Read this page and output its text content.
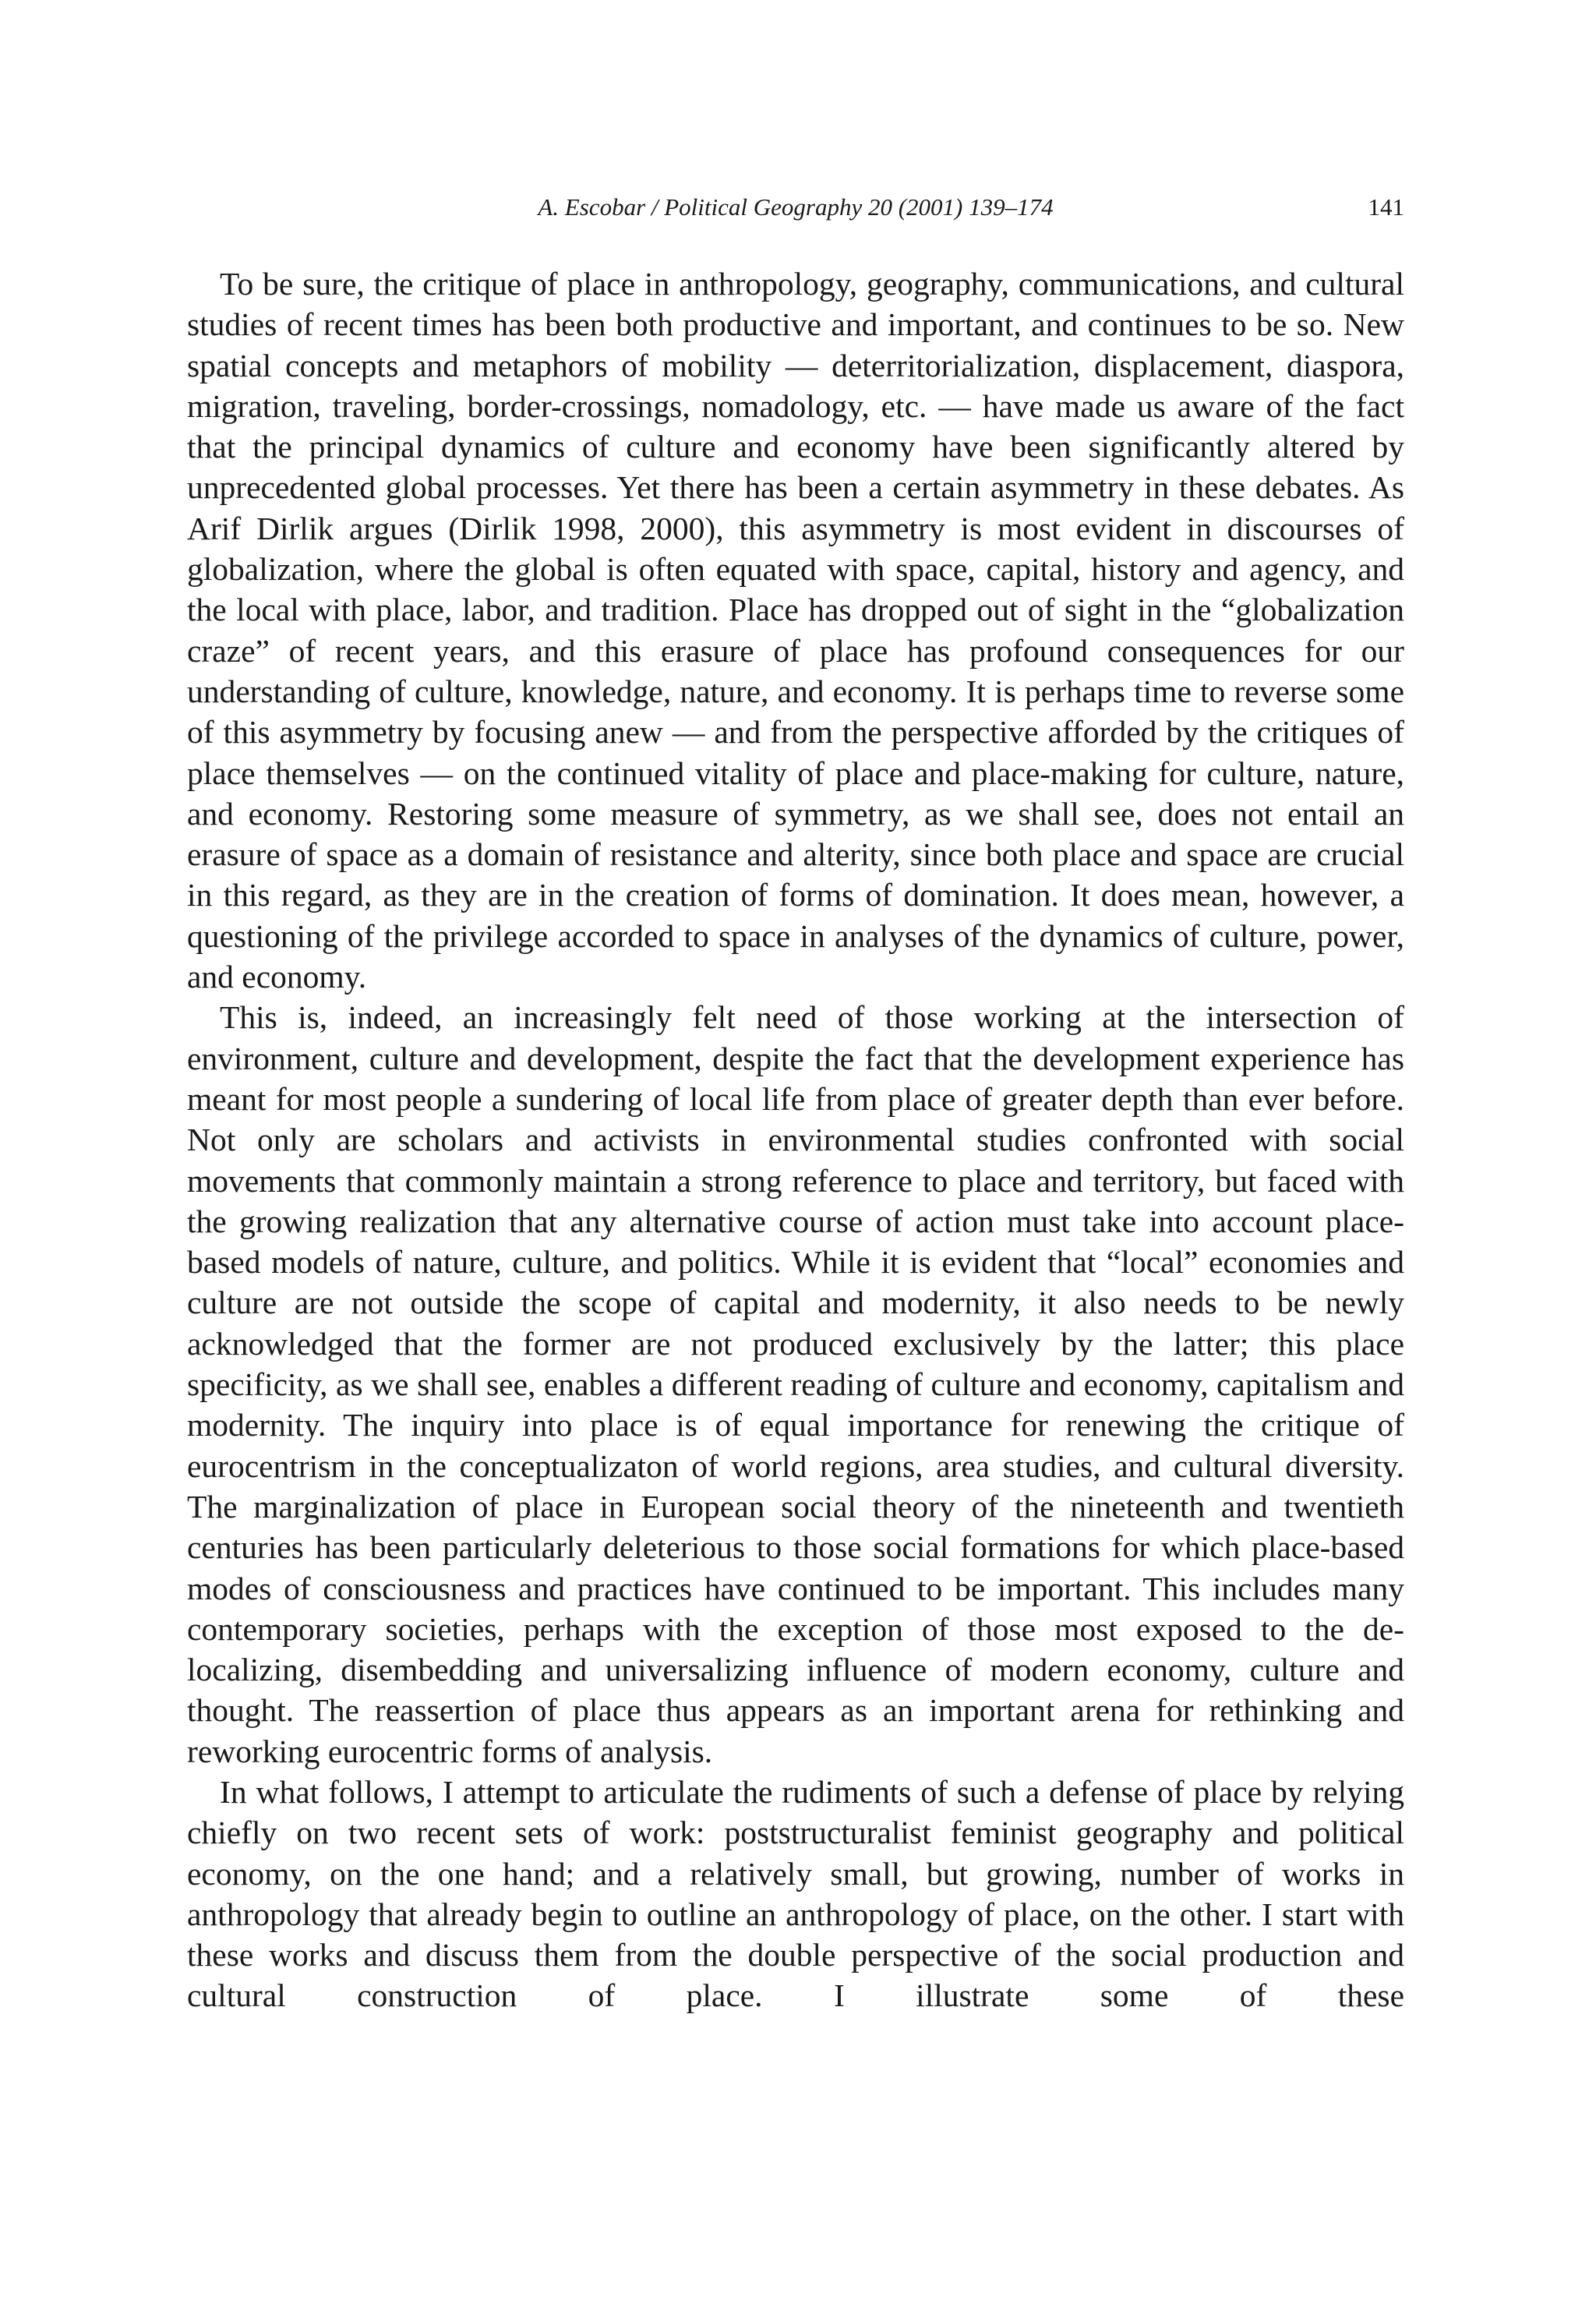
A. Escobar / Political Geography 20 (2001) 139–174	141

To be sure, the critique of place in anthropology, geography, communications, and cultural studies of recent times has been both productive and important, and continues to be so. New spatial concepts and metaphors of mobility — deterritorialization, displacement, diaspora, migration, traveling, border-crossings, nomadology, etc. — have made us aware of the fact that the principal dynamics of culture and economy have been significantly altered by unprecedented global processes. Yet there has been a certain asymmetry in these debates. As Arif Dirlik argues (Dirlik 1998, 2000), this asymmetry is most evident in discourses of globalization, where the global is often equated with space, capital, history and agency, and the local with place, labor, and tradition. Place has dropped out of sight in the “globalization craze” of recent years, and this erasure of place has profound consequences for our understanding of culture, knowledge, nature, and economy. It is perhaps time to reverse some of this asymmetry by focusing anew — and from the perspective afforded by the critiques of place themselves — on the continued vitality of place and place-making for culture, nature, and economy. Restoring some measure of symmetry, as we shall see, does not entail an erasure of space as a domain of resistance and alterity, since both place and space are crucial in this regard, as they are in the creation of forms of domination. It does mean, however, a questioning of the privilege accorded to space in analyses of the dynamics of culture, power, and economy.

This is, indeed, an increasingly felt need of those working at the intersection of environment, culture and development, despite the fact that the development experience has meant for most people a sundering of local life from place of greater depth than ever before. Not only are scholars and activists in environmental studies confronted with social movements that commonly maintain a strong reference to place and territory, but faced with the growing realization that any alternative course of action must take into account place-based models of nature, culture, and politics. While it is evident that “local” economies and culture are not outside the scope of capital and modernity, it also needs to be newly acknowledged that the former are not produced exclusively by the latter; this place specificity, as we shall see, enables a different reading of culture and economy, capitalism and modernity. The inquiry into place is of equal importance for renewing the critique of eurocentrism in the conceptualizaton of world regions, area studies, and cultural diversity. The marginalization of place in European social theory of the nineteenth and twentieth centuries has been particularly deleterious to those social formations for which place-based modes of consciousness and practices have continued to be important. This includes many contemporary societies, perhaps with the exception of those most exposed to the de-localizing, disembedding and universalizing influence of modern economy, culture and thought. The reassertion of place thus appears as an important arena for rethinking and reworking eurocentric forms of analysis.

In what follows, I attempt to articulate the rudiments of such a defense of place by relying chiefly on two recent sets of work: poststructuralist feminist geography and political economy, on the one hand; and a relatively small, but growing, number of works in anthropology that already begin to outline an anthropology of place, on the other. I start with these works and discuss them from the double perspective of the social production and cultural construction of place. I illustrate some of these
